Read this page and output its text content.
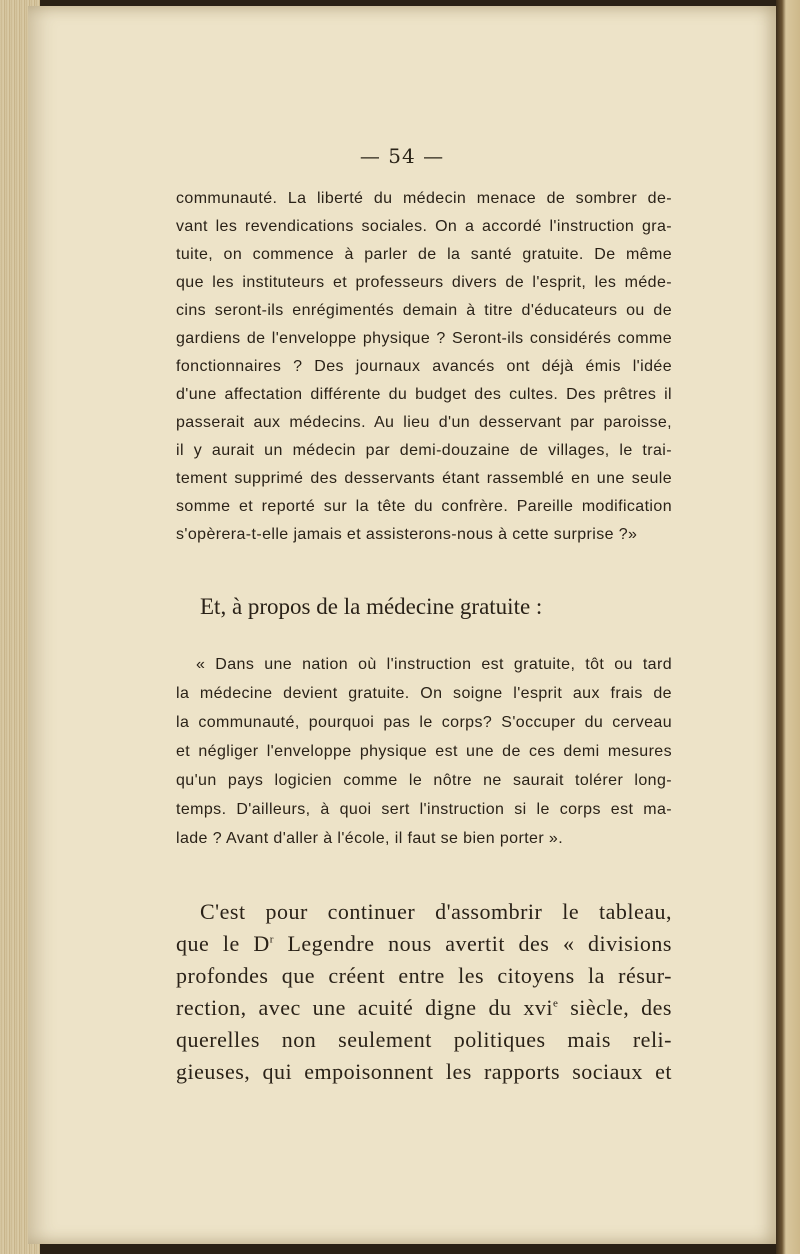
— 54 —
communauté. La liberté du médecin menace de sombrer de-
vant les revendications sociales. On a accordé l'instruction gra-
tuite, on commence à parler de la santé gratuite. De même
que les instituteurs et professeurs divers de l'esprit, les méde-
cins seront-ils enrégimentés demain à titre d'éducateurs ou de
gardiens de l'enveloppe physique ? Seront-ils considérés comme
fonctionnaires ? Des journaux avancés ont déjà émis l'idée
d'une affectation différente du budget des cultes. Des prêtres il
passerait aux médecins. Au lieu d'un desservant par paroisse,
il y aurait un médecin par demi-douzaine de villages, le trai-
tement supprimé des desservants étant rassemblé en une seule
somme et reporté sur la tête du confrère. Pareille modification
s'opèrera-t-elle jamais et assisterons-nous à cette surprise ?»
Et, à propos de la médecine gratuite :
« Dans une nation où l'instruction est gratuite, tôt ou tard
la médecine devient gratuite. On soigne l'esprit aux frais de
la communauté, pourquoi pas le corps? S'occuper du cerveau
et négliger l'enveloppe physique est une de ces demi mesures
qu'un pays logicien comme le nôtre ne saurait tolérer long-
temps. D'ailleurs, à quoi sert l'instruction si le corps est ma-
lade ? Avant d'aller à l'école, il faut se bien porter ».
C'est pour continuer d'assombrir le tableau,
que le $D^r$ Legendre nous avertit des « divisions
profondes que créent entre les citoyens la résur-
rection, avec une acuité digne du xvi$^e$ siècle, des
querelles non seulement politiques mais reli-
gieuses, qui empoisonnent les rapports sociaux et
